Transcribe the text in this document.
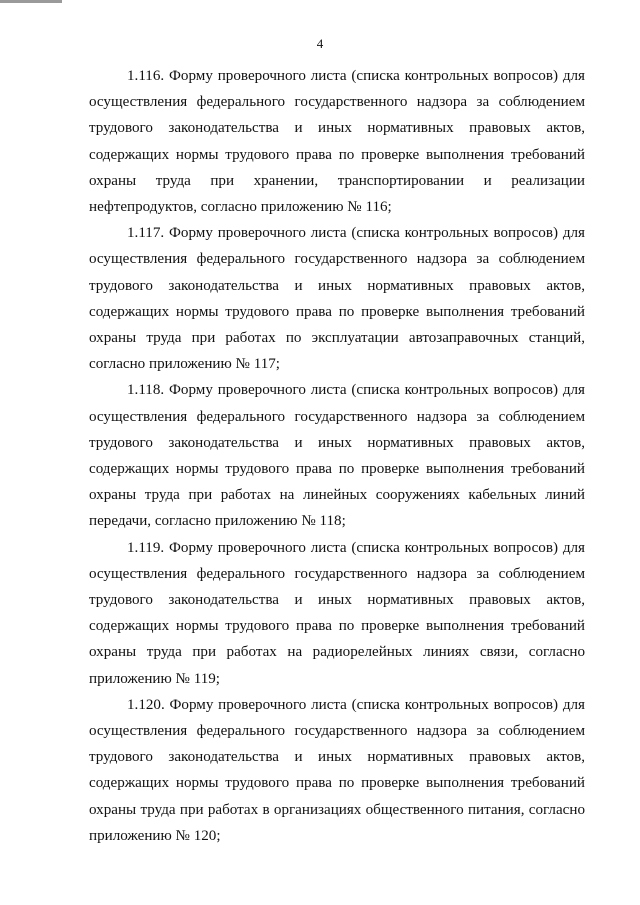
4

1.116. Форму проверочного листа (списка контрольных вопросов) для осуществления федерального государственного надзора за соблюдением трудового законодательства и иных нормативных правовых актов, содержащих нормы трудового права по проверке выполнения требований охраны труда при хранении, транспортировании и реализации нефтепродуктов, согласно приложению № 116;

1.117. Форму проверочного листа (списка контрольных вопросов) для осуществления федерального государственного надзора за соблюдением трудового законодательства и иных нормативных правовых актов, содержащих нормы трудового права по проверке выполнения требований охраны труда при работах по эксплуатации автозаправочных станций, согласно приложению № 117;

1.118. Форму проверочного листа (списка контрольных вопросов) для осуществления федерального государственного надзора за соблюдением трудового законодательства и иных нормативных правовых актов, содержащих нормы трудового права по проверке выполнения требований охраны труда при работах на линейных сооружениях кабельных линий передачи, согласно приложению № 118;

1.119. Форму проверочного листа (списка контрольных вопросов) для осуществления федерального государственного надзора за соблюдением трудового законодательства и иных нормативных правовых актов, содержащих нормы трудового права по проверке выполнения требований охраны труда при работах на радиорелейных линиях связи, согласно приложению № 119;

1.120. Форму проверочного листа (списка контрольных вопросов) для осуществления федерального государственного надзора за соблюдением трудового законодательства и иных нормативных правовых актов, содержащих нормы трудового права по проверке выполнения требований охраны труда при работах в организациях общественного питания, согласно приложению № 120;
